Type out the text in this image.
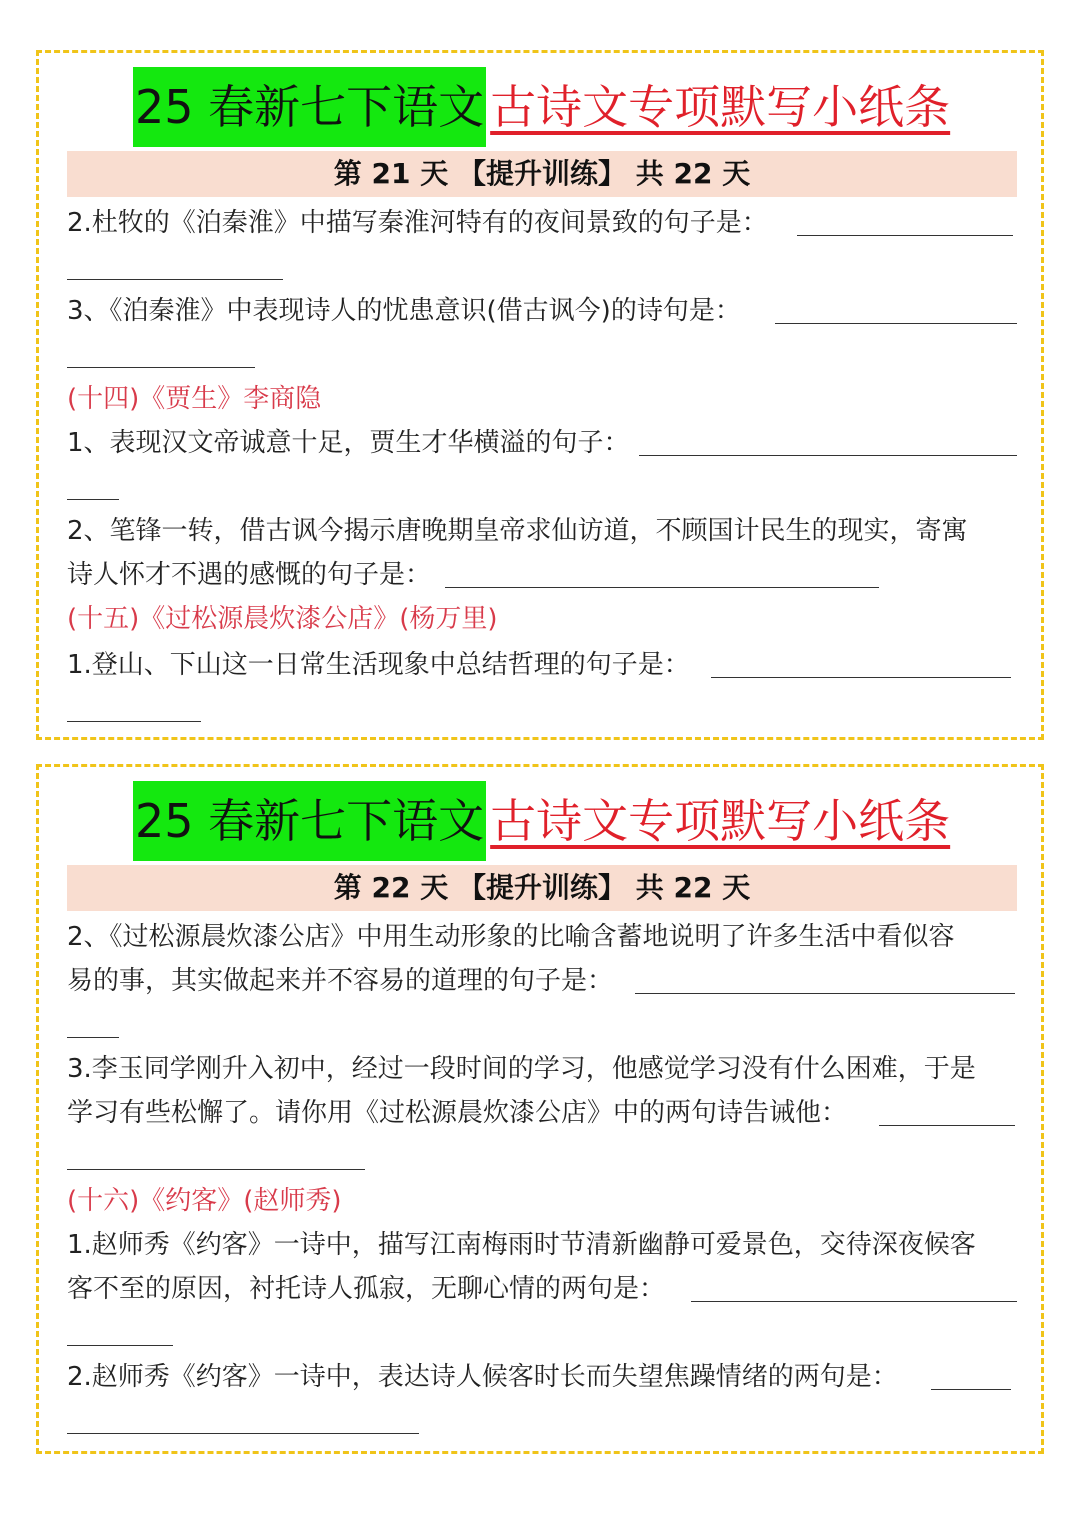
25 春新七下语文 古诗文专项默写小纸条
第 21 天 【提升训练】 共 22 天
2.杜牧的《泊秦淮》中描写秦淮河特有的夜间景致的句子是：
3、《泊秦淮》中表现诗人的忧患意识(借古讽今)的诗句是：
(十四)《贾生》李商隐
1、表现汉文帝诚意十足，贾生才华横溢的句子：
2、笔锋一转，借古讽今揭示唐晚期皇帝求仙访道，不顾国计民生的现实，寄寓
诗人怀才不遇的感慨的句子是：
(十五)《过松源晨炊漆公店》(杨万里)
1.登山、下山这一日常生活现象中总结哲理的句子是：
25 春新七下语文 古诗文专项默写小纸条
第 22 天 【提升训练】 共 22 天
2、《过松源晨炊漆公店》中用生动形象的比喻含蓄地说明了许多生活中看似容
易的事，其实做起来并不容易的道理的句子是：
3.李玉同学刚升入初中，经过一段时间的学习，他感觉学习没有什么困难，于是
学习有些松懈了。请你用《过松源晨炊漆公店》中的两句诗告诫他：
(十六)《约客》(赵师秀)
1.赵师秀《约客》一诗中，描写江南梅雨时节清新幽静可爱景色，交待深夜候客
客不至的原因，衬托诗人孤寂，无聊心情的两句是：
2.赵师秀《约客》一诗中，表达诗人候客时长而失望焦躁情绪的两句是：
